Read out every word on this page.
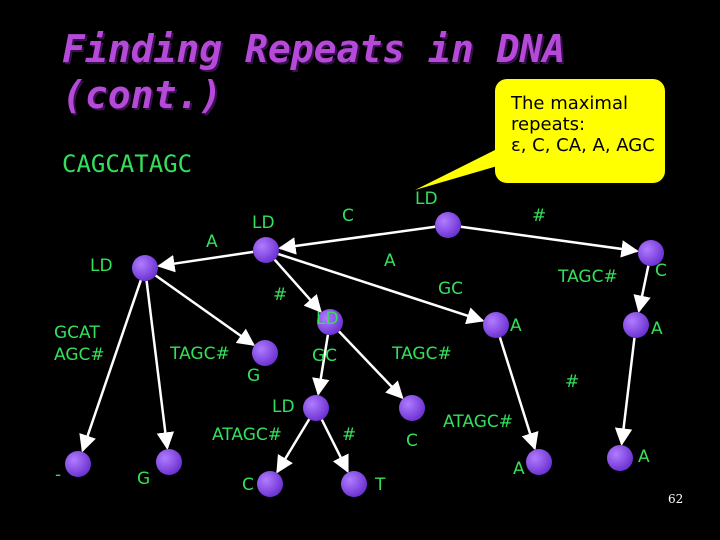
Finding Repeats in DNA
(cont.)	The maximal
repeats:
ε, C, CA, A, AGC
CAGCATAGC
LD
C	#
LD
A
A
GC
TAGC# C
LD
#
GCAT
AGC#	TAGC#
LD
GC
G
A
TAGC#
A
#
LD
ATAGC#	#	C
ATAGC#
-	G	C	T
A
A
62
